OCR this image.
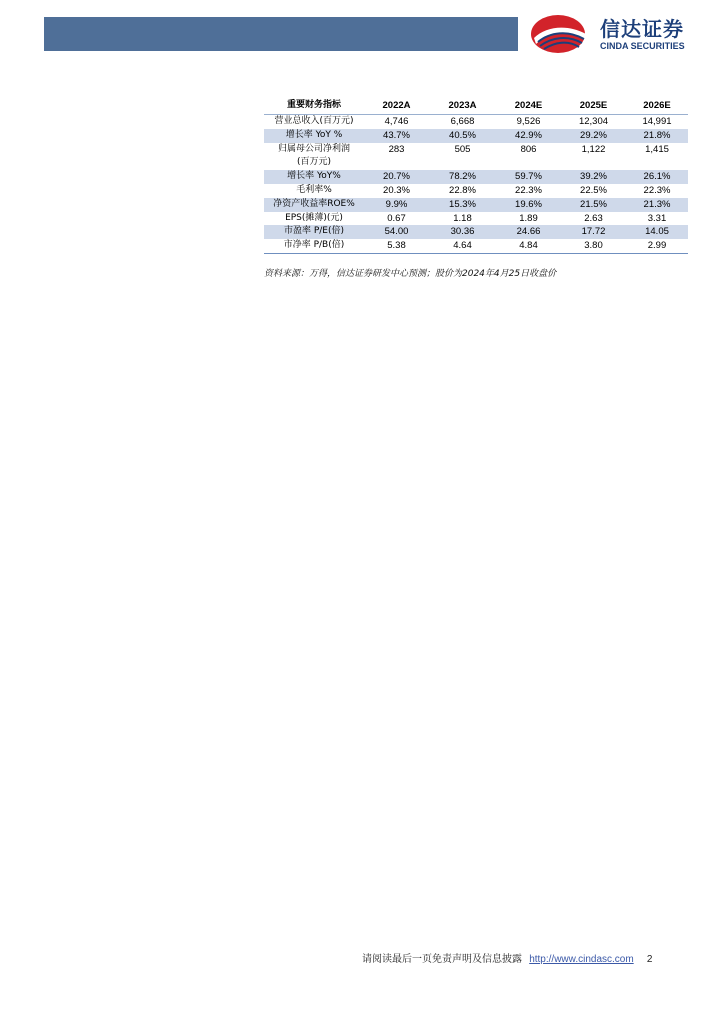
信达证券
CINDA SECURITIES
重要财务指标	2022A	2023A	2024E	2025E	2026E
营业总收入(百万元)	4,746	6,668	9,526	12,304	14,991
增长率 YoY %	43.7%	40.5%	42.9%	29.2%	21.8%

归属母公司净利润
(百万元)	283	505	806	1,122	1,415
增长率 YoY%	20.7%	78.2%	59.7%	39.2%	26.1%
毛利率%	20.3%	22.8%	22.3%	22.5%	22.3%
净资产收益率ROE%	9.9%	15.3%	19.6%	21.5%	21.3%
EPS(摊薄)(元)	0.67	1.18	1.89	2.63	3.31
市盈率 P/E(倍)	54.00	30.36	24.66	17.72	14.05
市净率 P/B(倍)	5.38	4.64	4.84	3.80	2.99
资料来源：万得，信达证券研发中心预测；股价为2024年4月25日收盘价
请阅读最后一页免责声明及信息披露 http://www.cindasc.com 2
